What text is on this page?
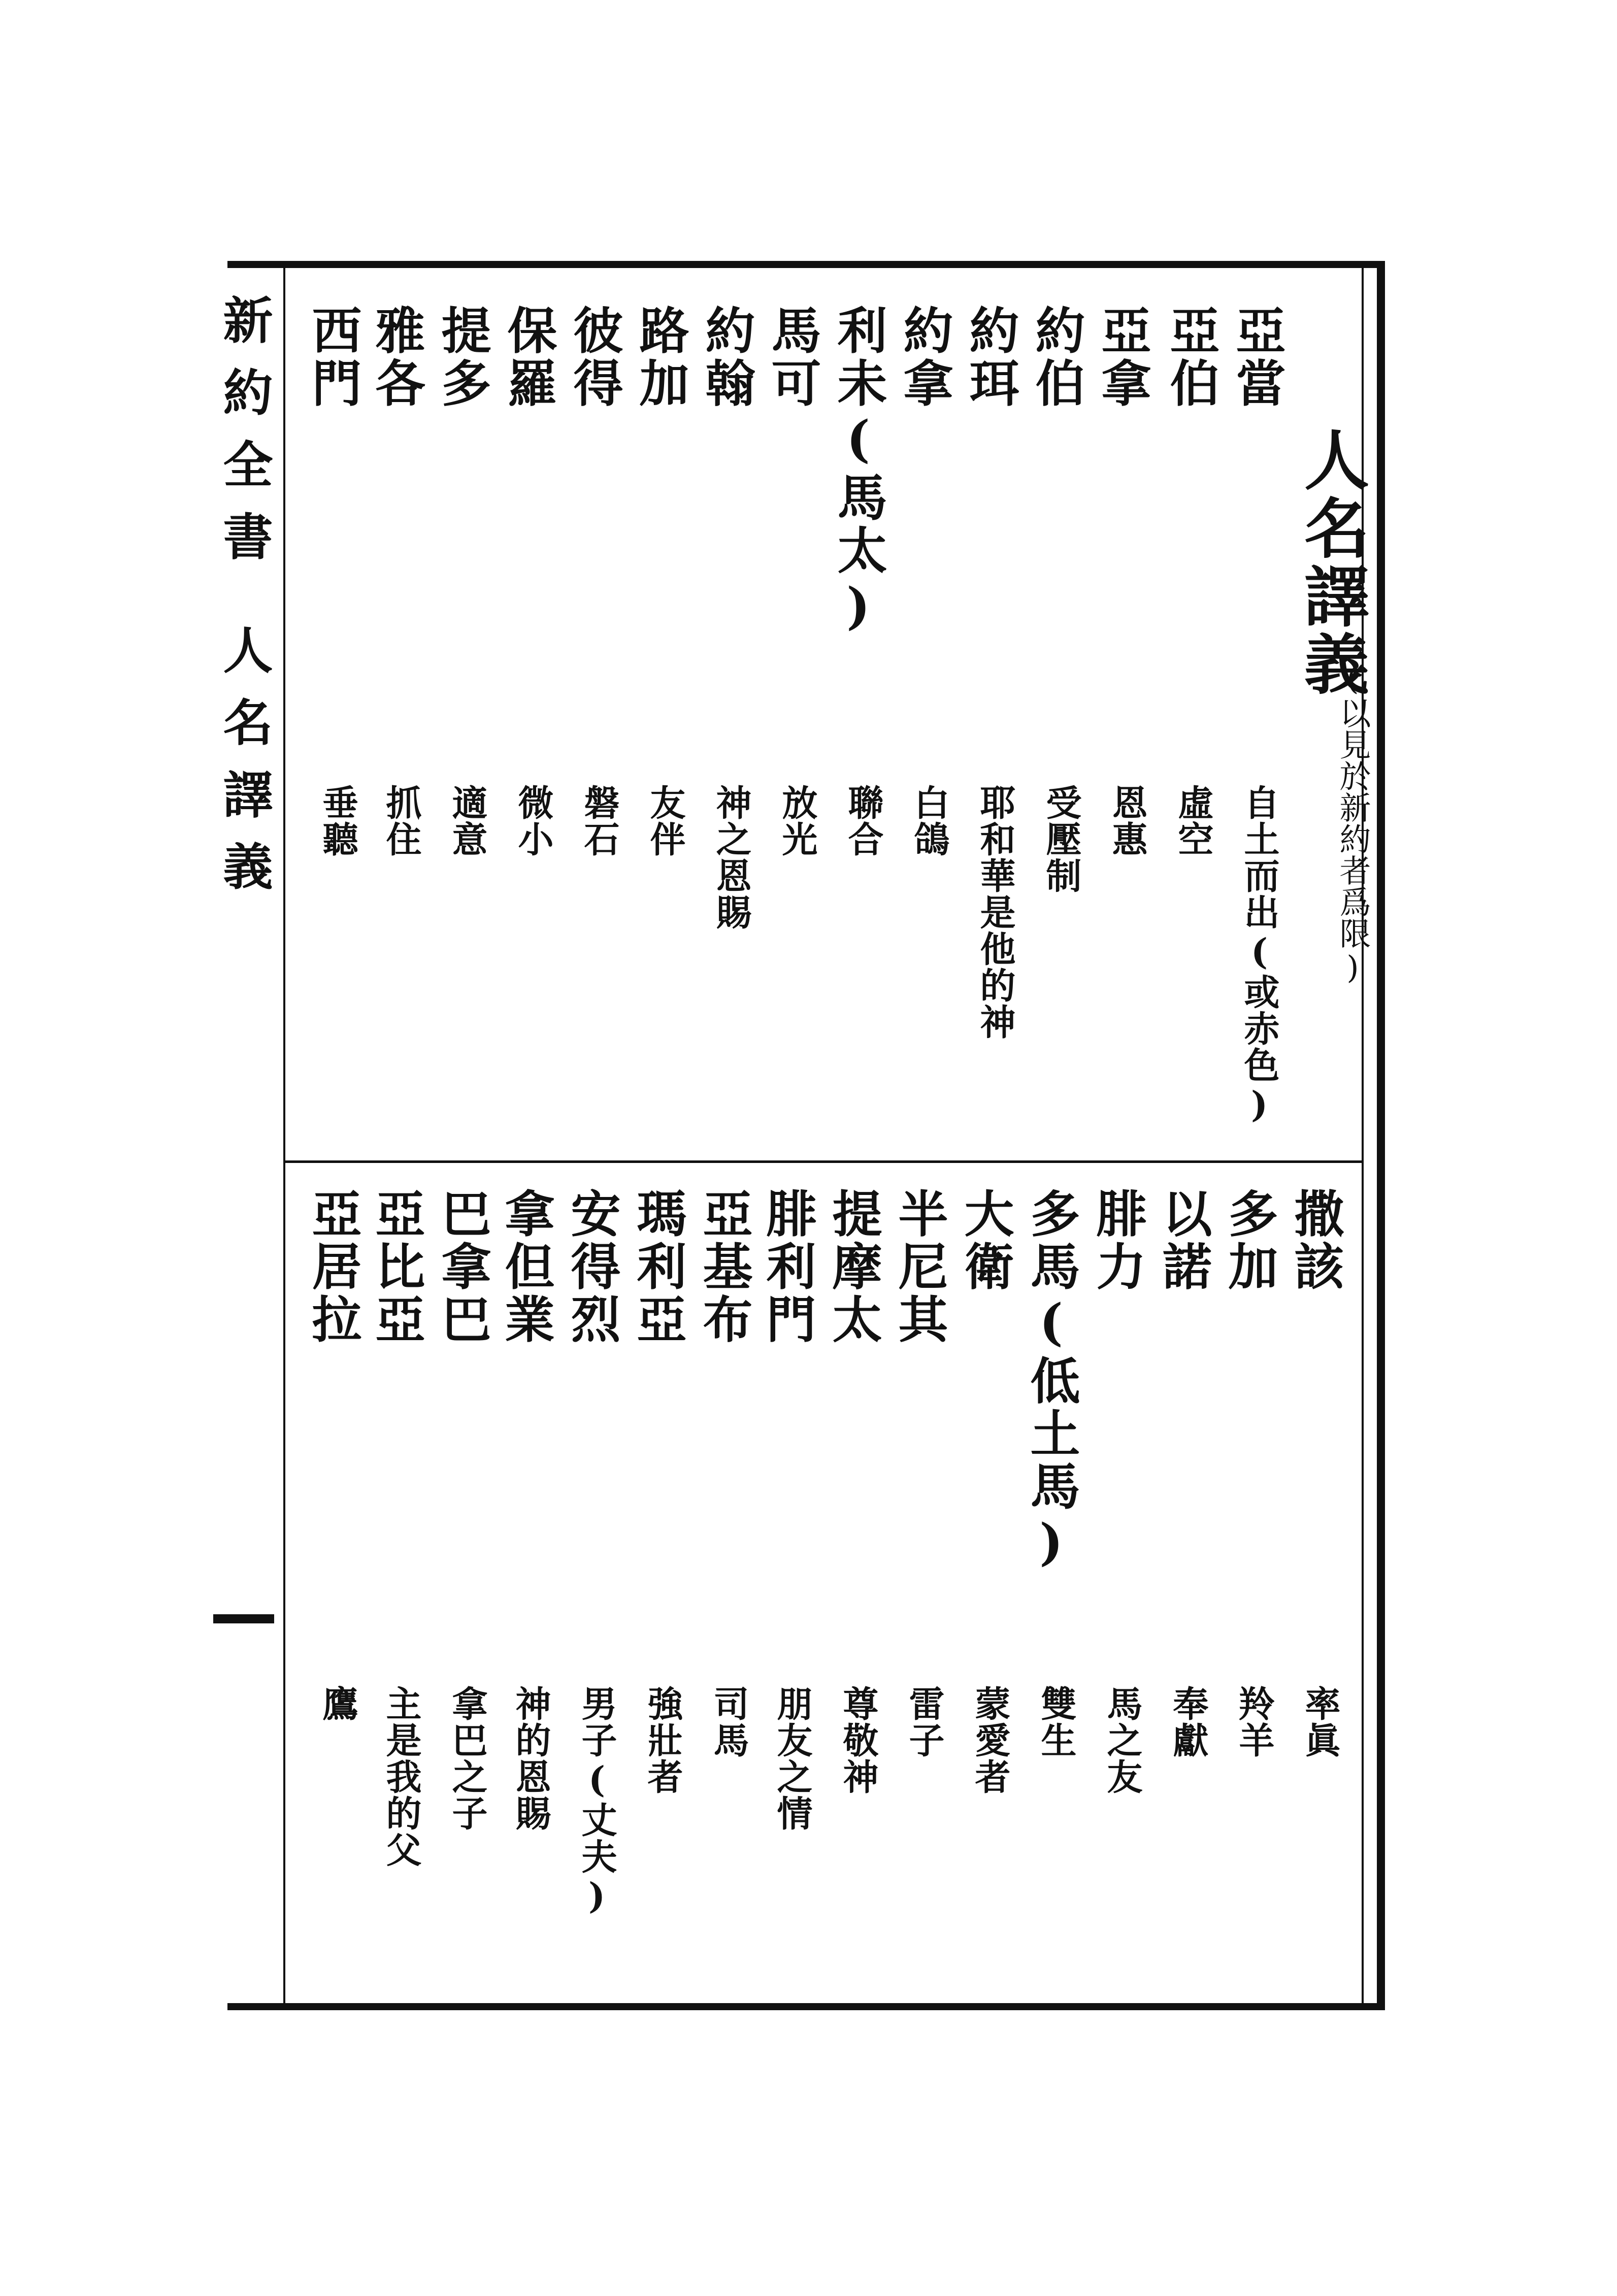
新約全書
人名譯義
人名譯義
(以見於新約者爲限)
亞當
自土而出(或赤色)
亞伯
虛空
亞拿
恩惠
約伯
受壓制
約珥
耶和華是他的神
約拿
白鴿
利未(馬太)
聯合
馬可
放光
約翰
神之恩賜
路加
友伴
彼得
磐石
保羅
微小
提多
適意
雅各
抓住
西門
垂聽
撒該
率眞
多加
羚羊
以諾
奉獻
腓力
馬之友
多馬(低土馬)
雙生
大衛
蒙愛者
半尼其
雷子
提摩太
尊敬神
腓利門
朋友之情
亞基布
司馬
瑪利亞
強壯者
安得烈
男子(丈夫)
拿但業
神的恩賜
巴拿巴
拿巴之子
亞比亞
主是我的父
亞居拉
鷹
